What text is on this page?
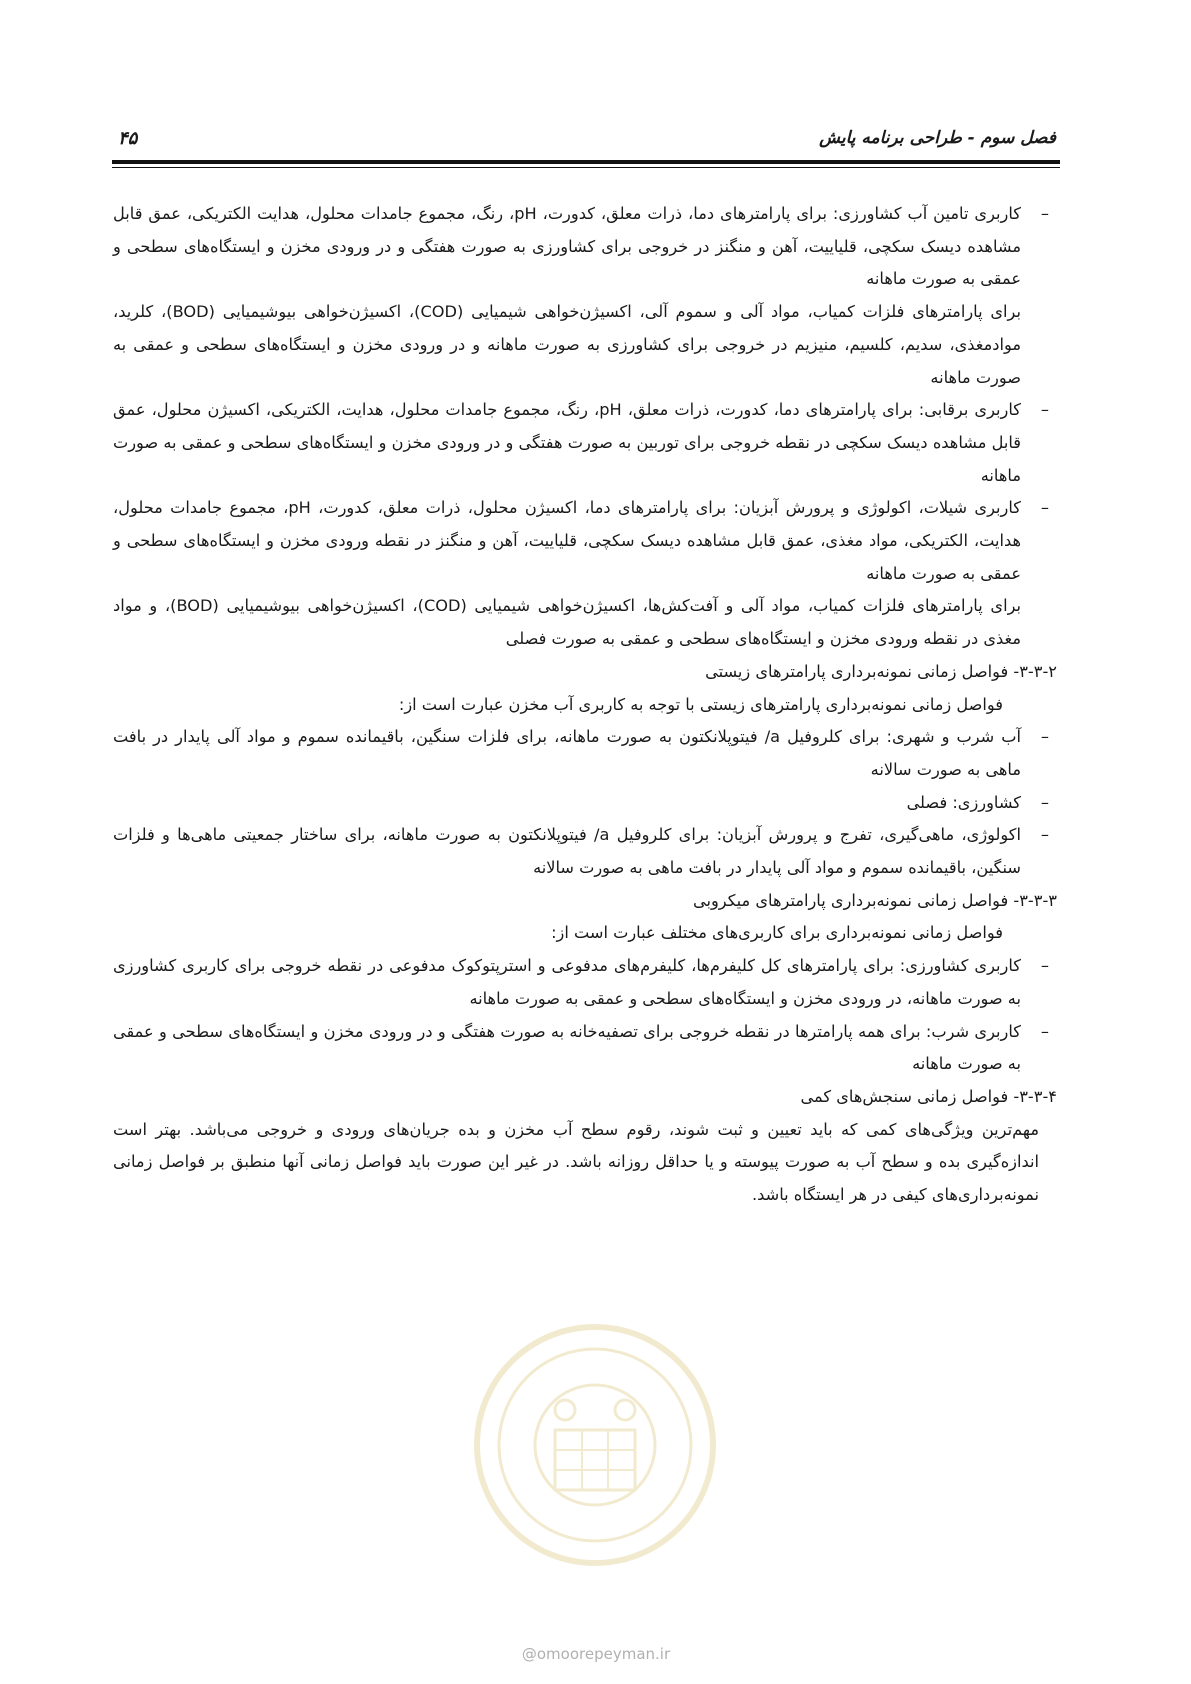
فصل سوم - طراحی برنامه پایش
۴۵

–
کاربری تامین آب کشاورزی: برای پارامترهای دما، ذرات معلق، کدورت، pH، رنگ، مجموع جامدات محلول، هدایت الکتریکی، عمق قابل مشاهده دیسک سکچی، قلیاییت، آهن و منگنز در خروجی برای کشاورزی به صورت هفتگی و در ورودی مخزن و ایستگاه‌های سطحی و عمقی به صورت ماهانه

برای پارامترهای فلزات کمیاب، مواد آلی و سموم آلی، اکسیژن‌خواهی شیمیایی (COD)، اکسیژن‌خواهی بیوشیمیایی (BOD)، کلرید، موادمغذی، سدیم، کلسیم، منیزیم در خروجی برای کشاورزی به صورت ماهانه و در ورودی مخزن و ایستگاه‌های سطحی و عمقی به صورت ماهانه

–
کاربری برقابی: برای پارامترهای دما، کدورت، ذرات معلق، pH، رنگ، مجموع جامدات محلول، هدایت، الکتریکی، اکسیژن محلول، عمق قابل مشاهده دیسک سکچی در نقطه خروجی برای توربین به صورت هفتگی و در ورودی مخزن و ایستگاه‌های سطحی و عمقی به صورت ماهانه

–
کاربری شیلات، اکولوژی و پرورش آبزیان: برای پارامترهای دما، اکسیژن محلول، ذرات معلق، کدورت، pH، مجموع جامدات محلول، هدایت، الکتریکی، مواد مغذی، عمق قابل مشاهده دیسک سکچی، قلیاییت، آهن و منگنز در نقطه ورودی مخزن و ایستگاه‌های سطحی و عمقی به صورت ماهانه

برای پارامترهای فلزات کمیاب، مواد آلی و آفت‌کش‌ها، اکسیژن‌خواهی شیمیایی (COD)، اکسیژن‌خواهی بیوشیمیایی (BOD)، و مواد مغذی در نقطه ورودی مخزن و ایستگاه‌های سطحی و عمقی به صورت فصلی

۳-۳-۲- فواصل زمانی نمونه‌برداری پارامترهای زیستی

فواصل زمانی نمونه‌برداری پارامترهای زیستی با توجه به کاربری آب مخزن عبارت است از:

–
آب شرب و شهری: برای کلروفیل a/ فیتوپلانکتون به صورت ماهانه، برای فلزات سنگین، باقیمانده سموم و مواد آلی پایدار در بافت ماهی به صورت سالانه

–
کشاورزی: فصلی

–
اکولوژی، ماهی‌گیری، تفرج و پرورش آبزیان: برای کلروفیل a/ فیتوپلانکتون به صورت ماهانه، برای ساختار جمعیتی ماهی‌ها و فلزات سنگین، باقیمانده سموم و مواد آلی پایدار در بافت ماهی به صورت سالانه

۳-۳-۳- فواصل زمانی نمونه‌برداری پارامترهای میکروبی

فواصل زمانی نمونه‌برداری برای کاربری‌های مختلف عبارت است از:

–
کاربری کشاورزی: برای پارامترهای کل کلیفرم‌ها، کلیفرم‌های مدفوعی و استرپتوکوک مدفوعی در نقطه خروجی برای کاربری کشاورزی به صورت ماهانه، در ورودی مخزن و ایستگاه‌های سطحی و عمقی به صورت ماهانه

–
کاربری شرب: برای همه پارامترها در نقطه خروجی برای تصفیه‌خانه به صورت هفتگی و در ورودی مخزن و ایستگاه‌های سطحی و عمقی به صورت ماهانه

۳-۳-۴- فواصل زمانی سنجش‌های کمی

مهم‌ترین ویژگی‌های کمی که باید تعیین و ثبت شوند، رقوم سطح آب مخزن و بده جریان‌های ورودی و خروجی می‌باشد. بهتر است اندازه‌گیری بده و سطح آب به صورت پیوسته و یا حداقل روزانه باشد. در غیر این صورت باید فواصل زمانی آنها منطبق بر فواصل زمانی نمونه‌برداری‌های کیفی در هر ایستگاه باشد.

@omoorepeyman.ir
